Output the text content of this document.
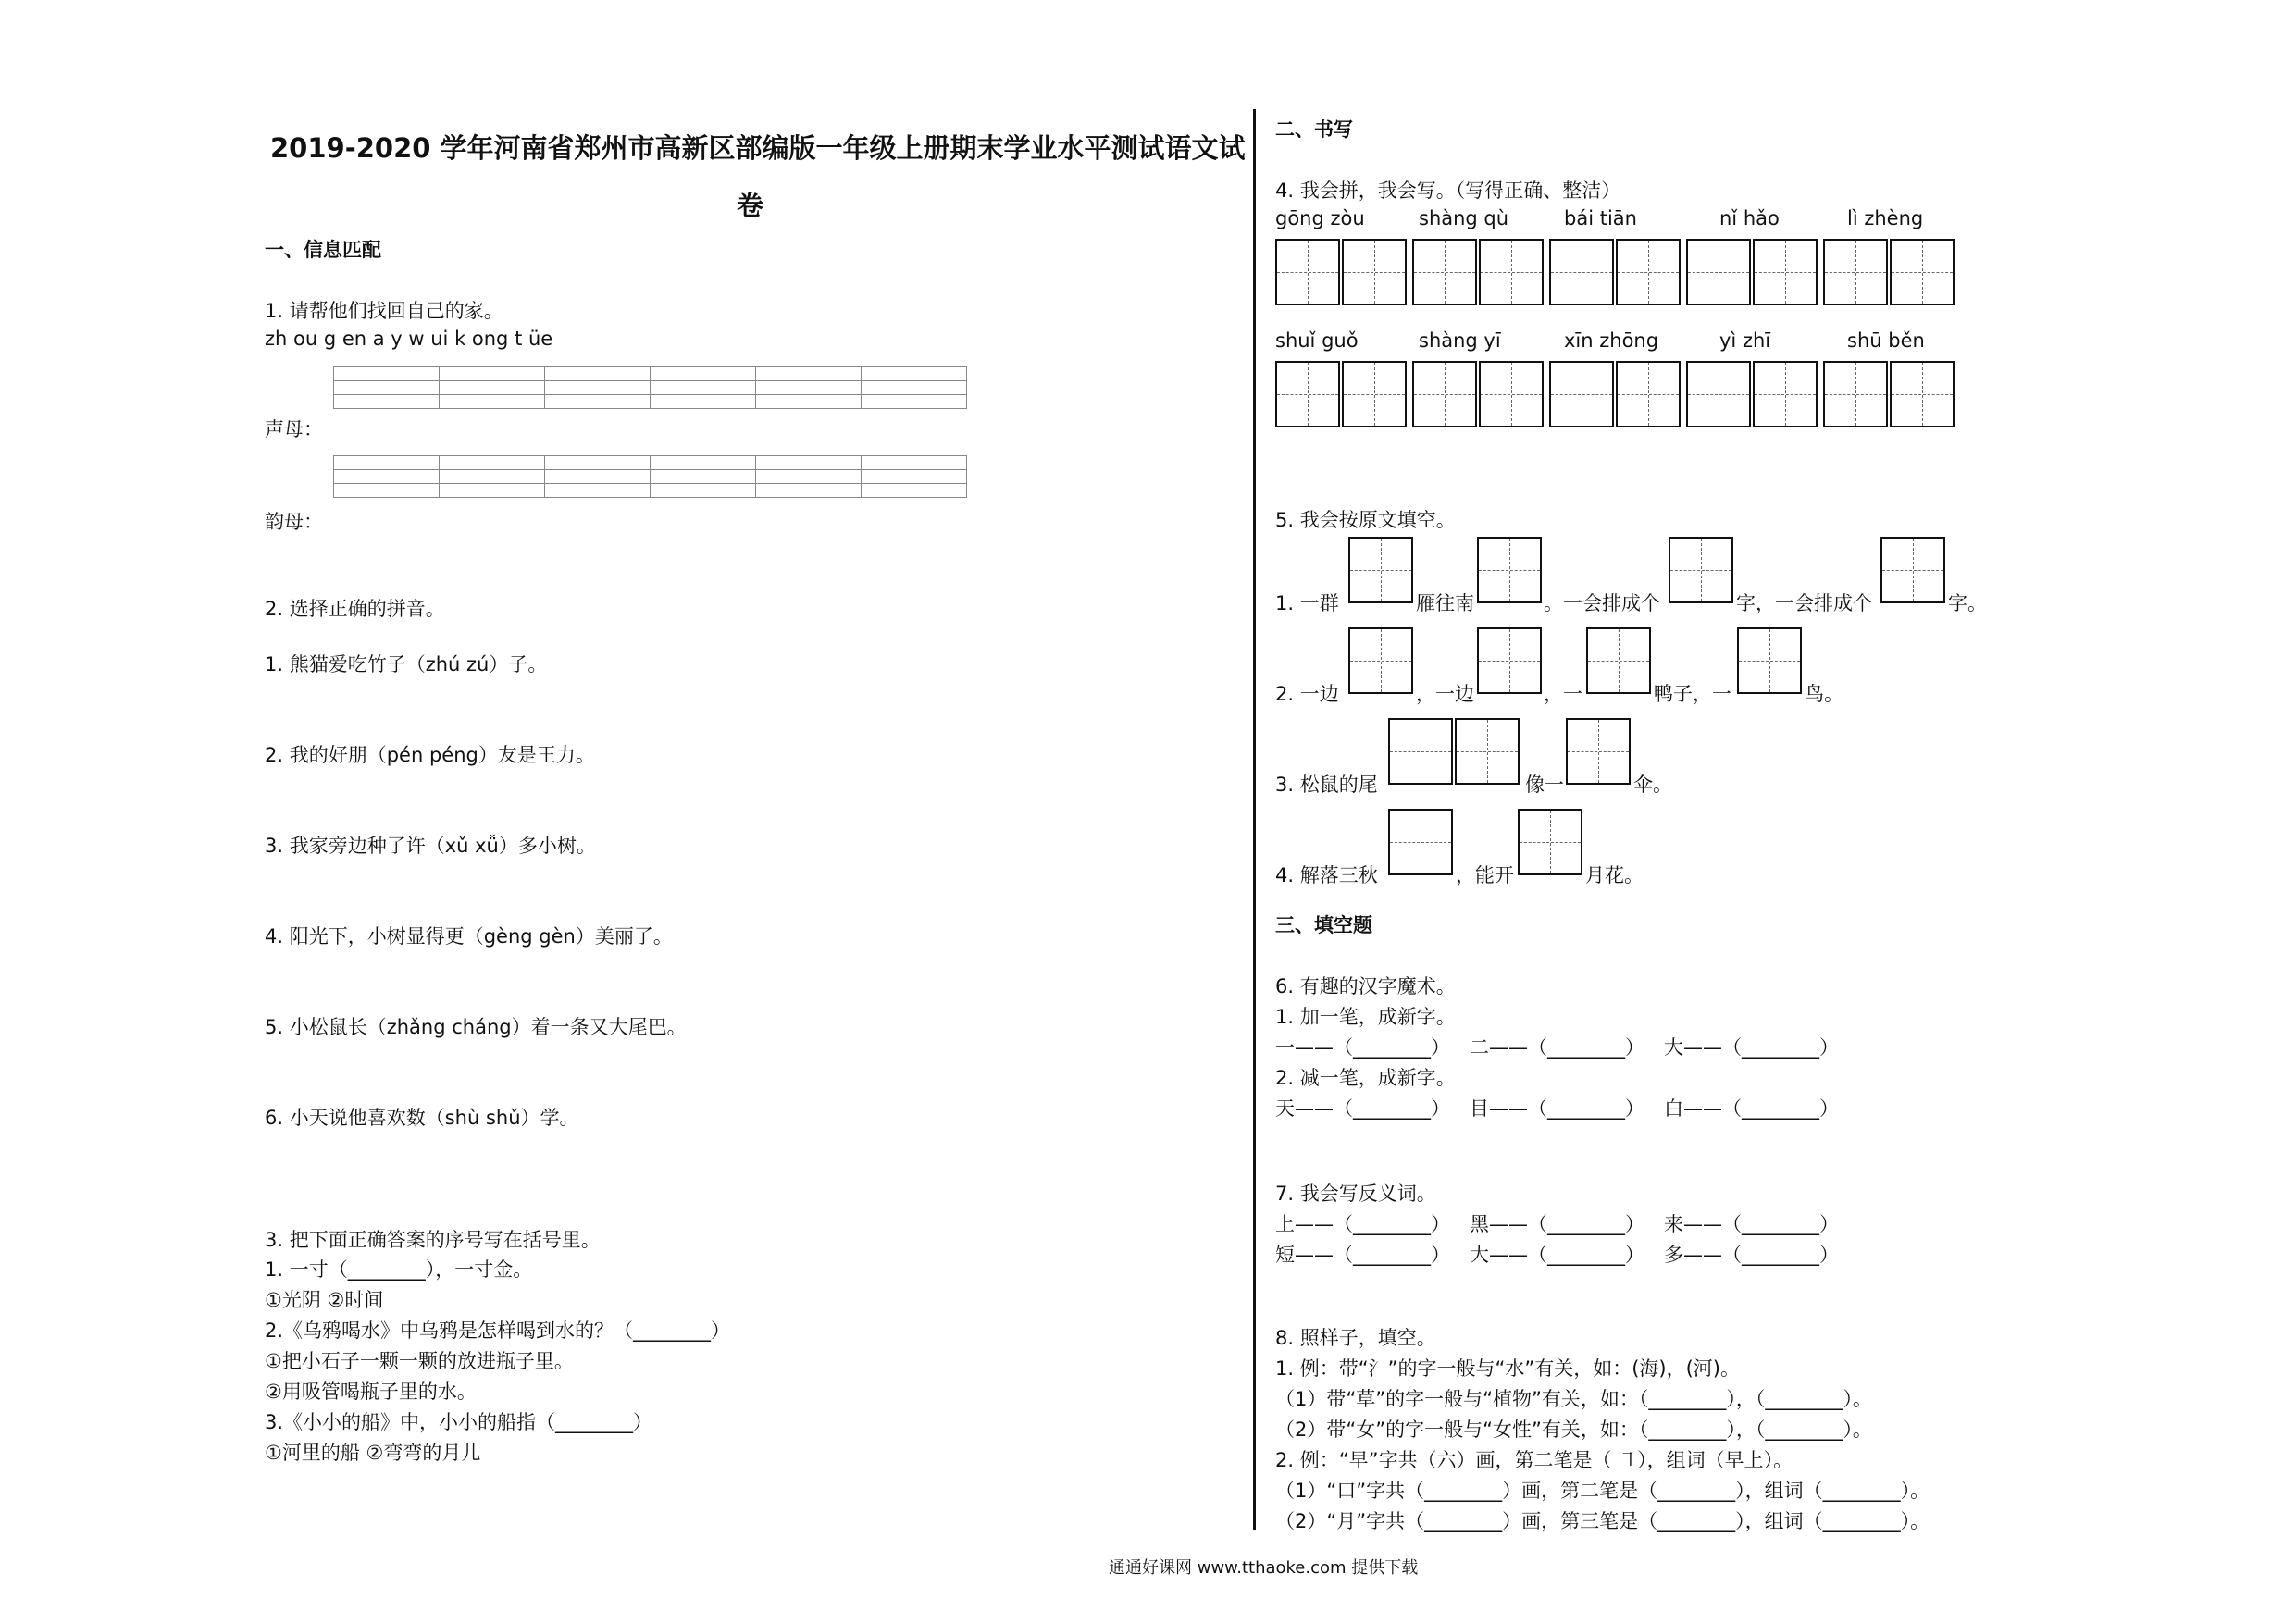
2019-2020 学年河南省郑州市高新区部编版一年级上册期末学业水平测试语文试
卷
一、信息匹配
1. 请帮他们找回自己的家。
zh ou g en a y w ui k ong t üe

声母：

韵母：
2. 选择正确的拼音。
1. 熊猫爱吃竹子（zhú zú）子。
2. 我的好朋（pén péng）友是王力。
3. 我家旁边种了许（xǔ xǚ）多小树。
4. 阳光下，小树显得更（gèng gèn）美丽了。
5. 小松鼠长（zhǎng cháng）着一条又大尾巴。
6. 小天说他喜欢数（shù shǔ）学。
3. 把下面正确答案的序号写在括号里。
1. 一寸（________），一寸金。
①光阴 ②时间
2.《乌鸦喝水》中乌鸦是怎样喝到水的？（________）
①把小石子一颗一颗的放进瓶子里。
②用吸管喝瓶子里的水。
3.《小小的船》中，小小的船指（________）
①河里的船 ②弯弯的月儿
二、书写
4. 我会拼，我会写。（写得正确、整洁）
gōng zòu	shàng qù	bái tiān	nǐ hǎo	lì zhèng
shuǐ guǒ	shàng yī	xīn zhōng	yì zhī	shū běn
5. 我会按原文填空。
1. 一群	雁往南	。一会排成个	字，一会排成个	字。
2. 一边	，一边	，一	鸭子，一	鸟。
3. 松鼠的尾	像一	伞。
4. 解落三秋	，能开	月花。
三、填空题
6. 有趣的汉字魔术。
1. 加一笔，成新字。
一——（________） 二——（________） 大——（________）
2. 减一笔，成新字。
天——（________） 目——（________） 白——（________）
7. 我会写反义词。
上——（________） 黑——（________） 来——（________）
短——（________） 大——（________） 多——（________）
8. 照样子，填空。
1. 例：带“氵”的字一般与“水”有关，如：(海)，(河)。
（1）带“草”的字一般与“植物”有关，如：（________），（________）。
（2）带“女”的字一般与“女性”有关，如：（________），（________）。
2. 例：“早”字共（六）画，第二笔是（ ㇕），组词（早上）。
（1）“口”字共（________）画，第二笔是（________），组词（________）。
（2）“月”字共（________）画，第三笔是（________），组词（________）。
通通好课网 www.tthaoke.com 提供下载
